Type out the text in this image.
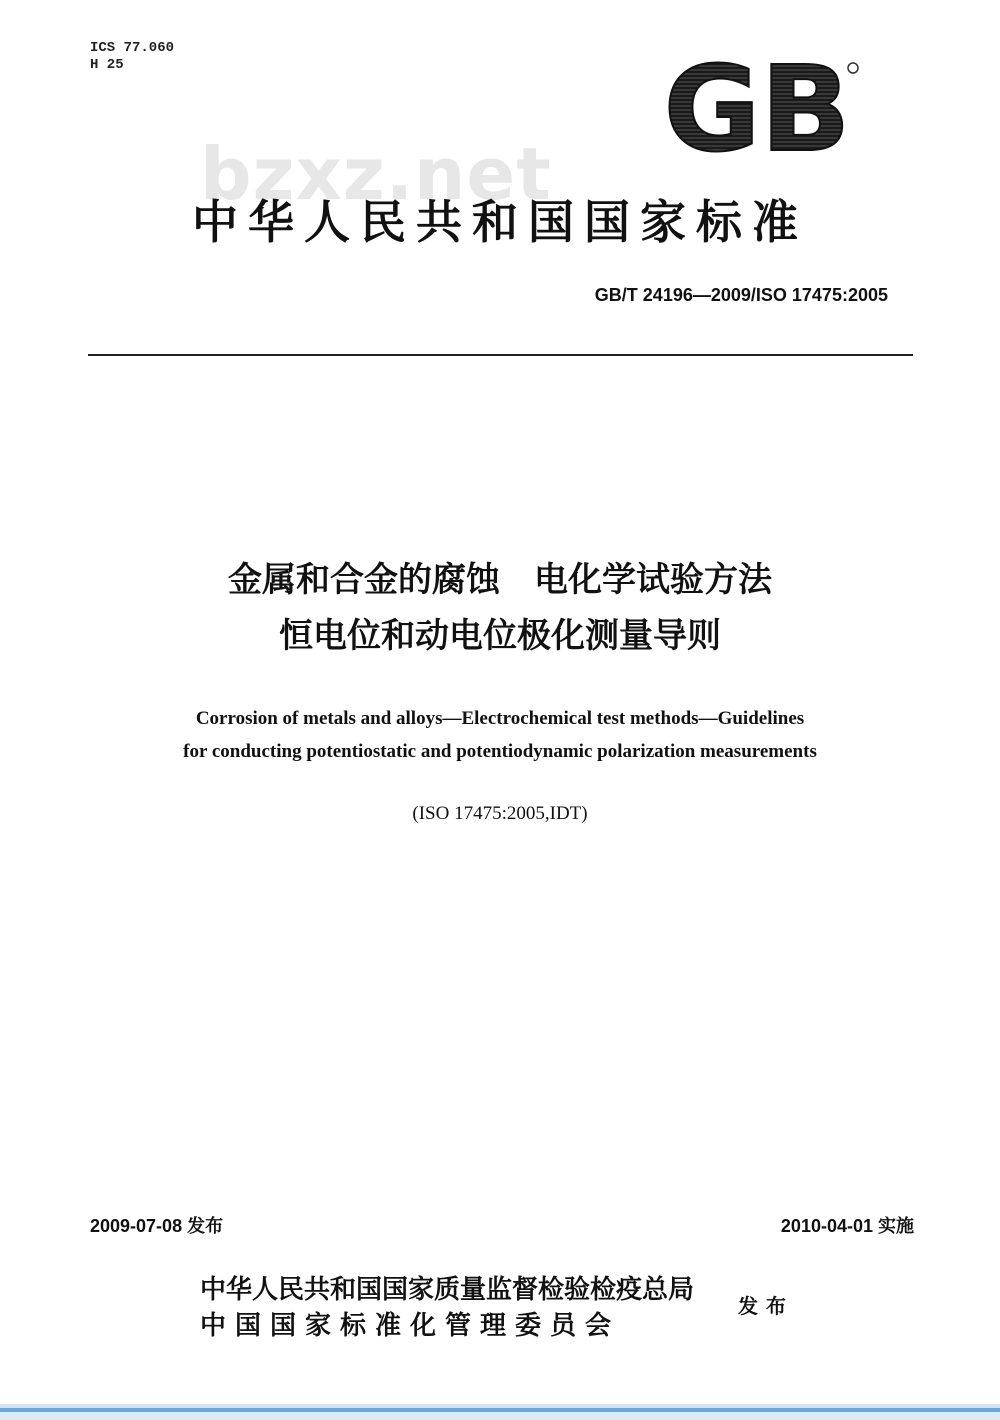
ICS 77.060
H 25	GB
bzxz.net
中华人民共和国国家标准
GB/T 24196—2009/ISO 17475:2005
金属和合金的腐蚀 电化学试验方法
恒电位和动电位极化测量导则
Corrosion of metals and alloys—Electrochemical test methods—Guidelines
for conducting potentiostatic and potentiodynamic polarization measurements
(ISO 17475:2005,IDT)
2009-07-08 发布	2010-04-01 实施
中华人民共和国国家质量监督检验检疫总局
中国国家标准化管理委员会
发布
